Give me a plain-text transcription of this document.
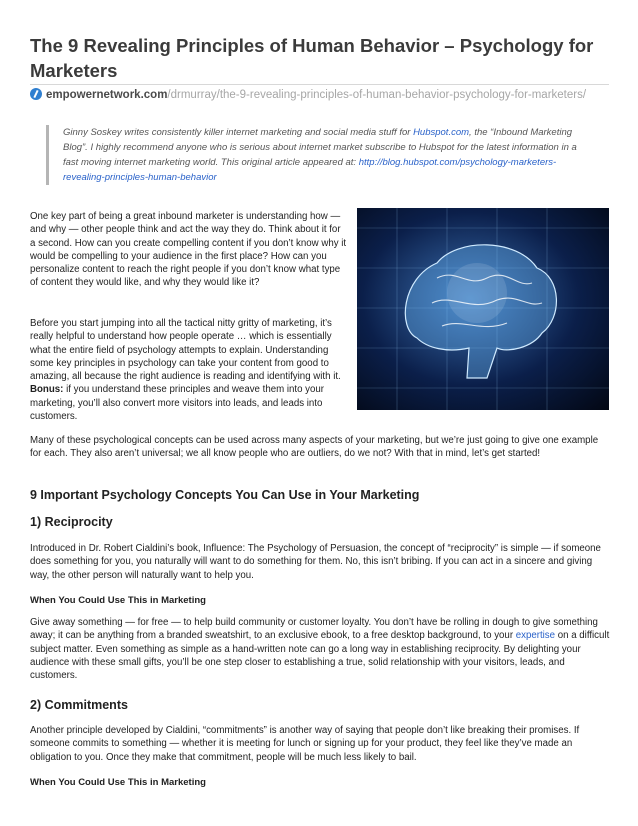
The 9 Revealing Principles of Human Behavior – Psychology for Marketers
empowernetwork.com/drmurray/the-9-revealing-principles-of-human-behavior-psychology-for-marketers/
Ginny Soskey writes consistently killer internet marketing and social media stuff for Hubspot.com, the “Inbound Marketing Blog”. I highly recommend anyone who is serious about internet market subscribe to Hubspot for the latest information in a fast moving internet marketing world. This original article appeared at: http://blog.hubspot.com/psychology-marketers-revealing-principles-human-behavior

One key part of being a great inbound marketer is understanding how — and why — other people think and act the way they do. Think about it for a second. How can you create compelling content if you don’t know why it would be compelling to your audience in the first place? How can you personalize content to reach the right people if you don’t know what type of content they would like, and why they would like it?

Before you start jumping into all the tactical nitty gritty of marketing, it’s really helpful to understand how people operate … which is essentially what the entire field of psychology attempts to explain. Understanding some key principles in psychology can take your content from good to amazing, all because the right audience is reading and identifying with it. Bonus: if you understand these principles and weave them into your marketing, you’ll also convert more visitors into leads, and leads into customers.

Many of these psychological concepts can be used across many aspects of your marketing, but we’re just going to give one example for each. They also aren’t universal; we all know people who are outliers, do we not? With that in mind, let’s get started!

9 Important Psychology Concepts You Can Use in Your Marketing
1) Reciprocity

Introduced in Dr. Robert Cialdini’s book, Influence: The Psychology of Persuasion, the concept of “reciprocity” is simple — if someone does something for you, you naturally will want to do something for them. No, this isn’t bribing. If you can act in a sincere and giving way, the other person will naturally want to help you.

When You Could Use This in Marketing

Give away something — for free — to help build community or customer loyalty. You don’t have be rolling in dough to give something away; it can be anything from a branded sweatshirt, to an exclusive ebook, to a free desktop background, to your expertise on a difficult subject matter. Even something as simple as a hand-written note can go a long way in establishing reciprocity. By delighting your audience with these small gifts, you’ll be one step closer to establishing a true, solid relationship with your visitors, leads, and customers.

2) Commitments

Another principle developed by Cialdini, “commitments” is another way of saying that people don’t like breaking their promises. If someone commits to something — whether it is meeting for lunch or signing up for your product, they feel like they’ve made an obligation to you. Once they make that commitment, people will be much less likely to bail.

When You Could Use This in Marketing
